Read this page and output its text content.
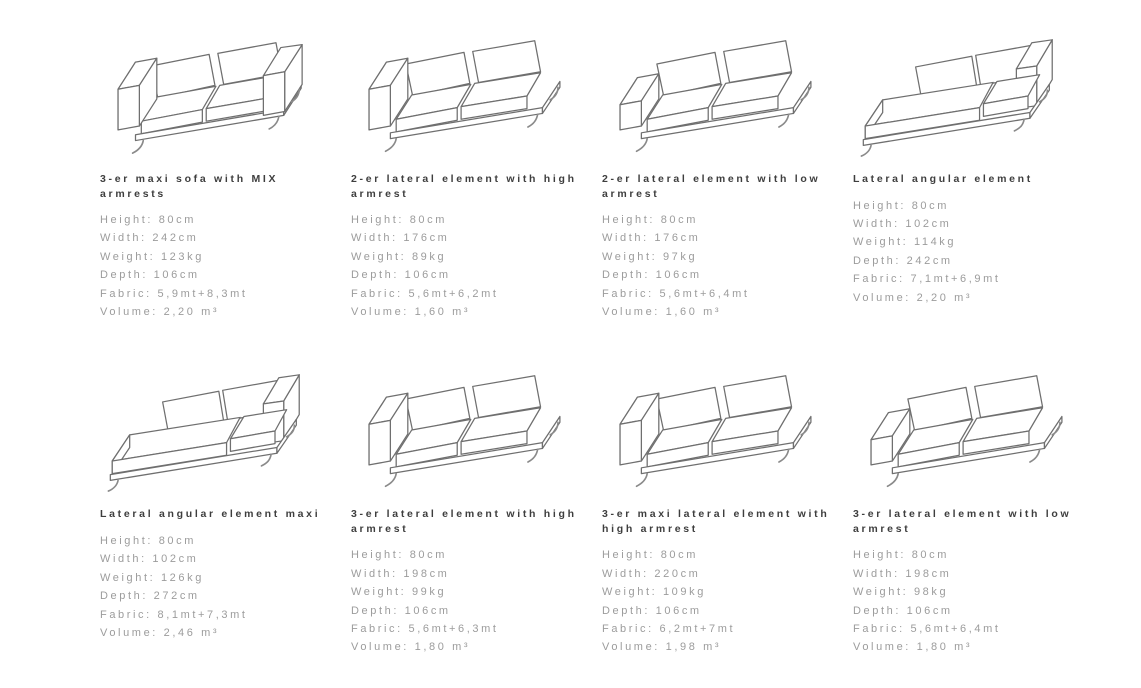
3-er maxi sofa with MIX armrests
Height: 80cm
Width: 242cm
Weight: 123kg
Depth: 106cm
Fabric: 5,9mt+8,3mt
Volume: 2,20 m³
2-er lateral element with high armrest
Height: 80cm
Width: 176cm
Weight: 89kg
Depth: 106cm
Fabric: 5,6mt+6,2mt
Volume: 1,60 m³
2-er lateral element with low armrest
Height: 80cm
Width: 176cm
Weight: 97kg
Depth: 106cm
Fabric: 5,6mt+6,4mt
Volume: 1,60 m³
Lateral angular element
Height: 80cm
Width: 102cm
Weight: 114kg
Depth: 242cm
Fabric: 7,1mt+6,9mt
Volume: 2,20 m³
Lateral angular element maxi
Height: 80cm
Width: 102cm
Weight: 126kg
Depth: 272cm
Fabric: 8,1mt+7,3mt
Volume: 2,46 m³
3-er lateral element with high armrest
Height: 80cm
Width: 198cm
Weight: 99kg
Depth: 106cm
Fabric: 5,6mt+6,3mt
Volume: 1,80 m³
3-er maxi lateral element with high armrest
Height: 80cm
Width: 220cm
Weight: 109kg
Depth: 106cm
Fabric: 6,2mt+7mt
Volume: 1,98 m³
3-er lateral element with low armrest
Height: 80cm
Width: 198cm
Weight: 98kg
Depth: 106cm
Fabric: 5,6mt+6,4mt
Volume: 1,80 m³
